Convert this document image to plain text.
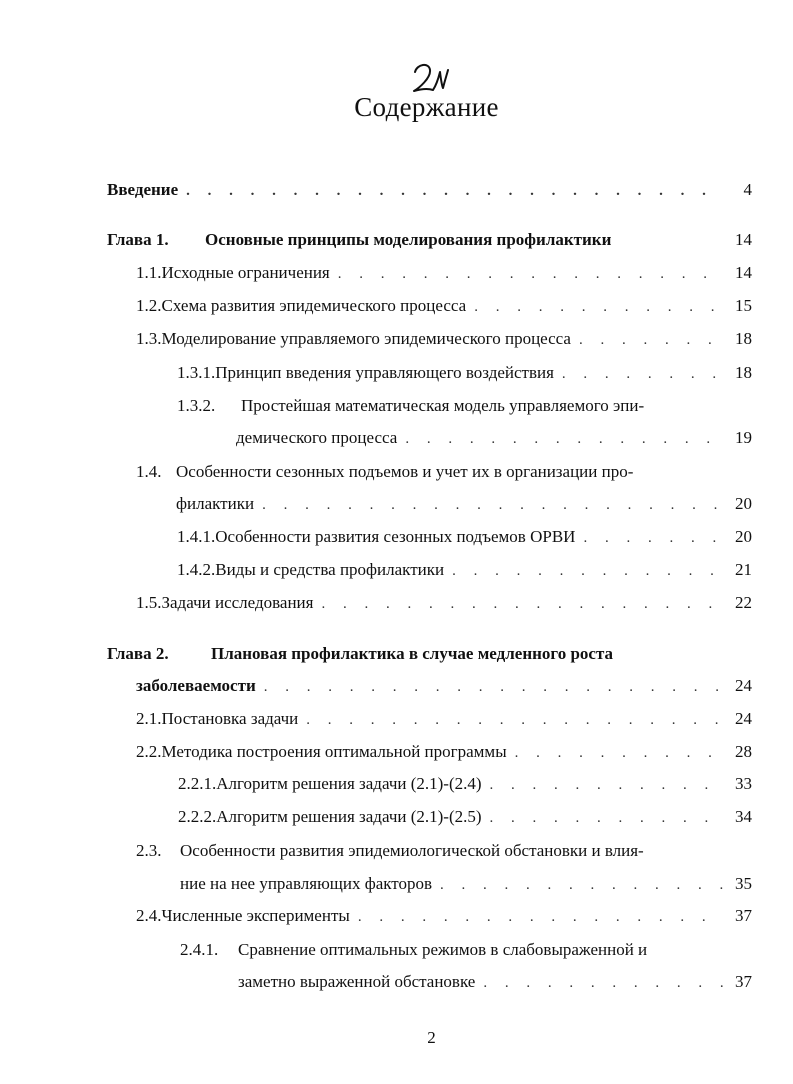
Содержание
Введение . . .	4
Глава 1.	Основные принципы моделирования профилактики	14
1.1. Исходные ограничения . . .	14
1.2. Схема развития эпидемического процесса . . .	15
1.3. Моделирование управляемого эпидемического процесса . . .	18
1.3.1. Принцип введения управляющего воздействия . . .	18
1.3.2.	Простейшая математическая модель управляемого эпи-
демического процесса . . .	19
1.4. Особенности сезонных подъемов и учет их в организации про-
филактики . . .	20
1.4.1. Особенности развития сезонных подъемов ОРВИ . . .	20
1.4.2. Виды и средства профилактики . . .	21
1.5. Задачи исследования . . .	22
Глава 2.	Плановая профилактика в случае медленного роста
заболеваемости . . .	24
2.1. Постановка задачи . . .	24
2.2. Методика построения оптимальной программы . . .	28
2.2.1. Алгоритм решения задачи (2.1)-(2.4) . . .	33
2.2.2. Алгоритм решения задачи (2.1)-(2.5) . . .	34
2.3.	Особенности развития эпидемиологической обстановки и влия-
ние на нее управляющих факторов . . .	35
2.4. Численные эксперименты . . .	37
2.4.1.	Сравнение оптимальных режимов в слабовыраженной и
заметно выраженной обстановке . . .	37
2
